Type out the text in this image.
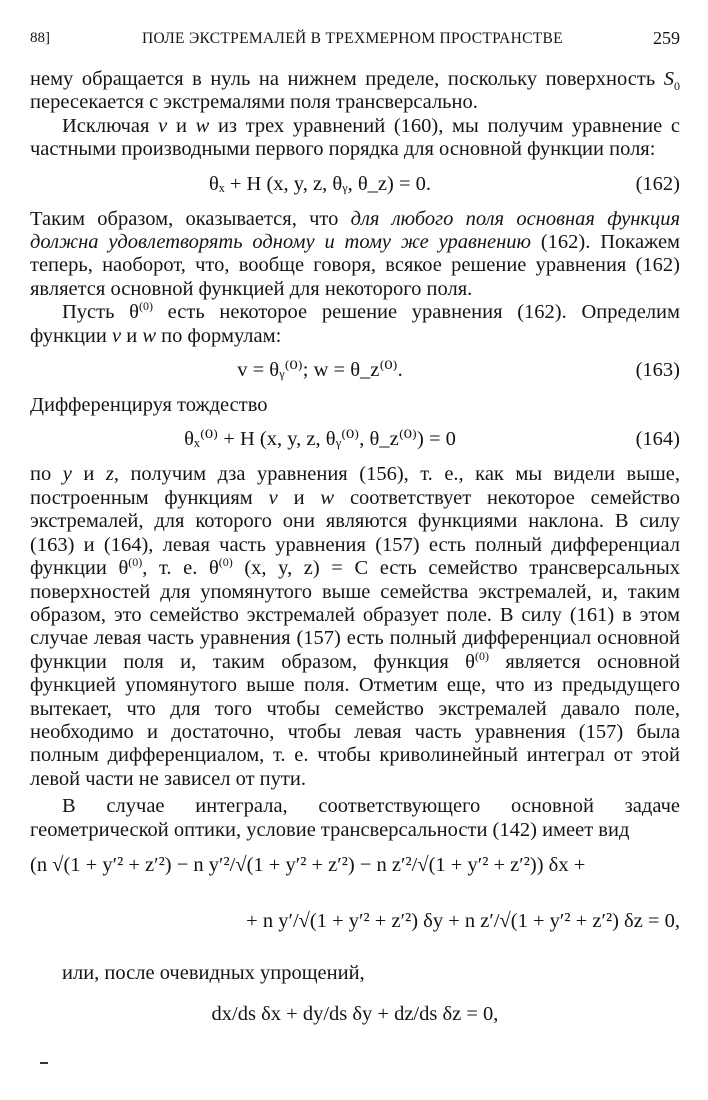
88]	ПОЛЕ ЭКСТРЕМАЛЕЙ В ТРЕХМЕРНОМ ПРОСТРАНСТВЕ	259

нему обращается в нуль на нижнем пределе, поскольку поверхность $S_0$ пересекается с экстремалями поля трансверсально.

Исключая v и w из трех уравнений (160), мы получим уравнение с частными производными первого порядка для основной функции поля:

θₓ + H (x, y, z, θᵧ, θ_z) = 0.	(162)

Таким образом, оказывается, что для любого поля основная функция должна удовлетворять одному и тому же уравнению (162). Покажем теперь, наоборот, что, вообще говоря, всякое решение уравнения (162) является основной функцией для некоторого поля.

Пусть $\theta^{(0)}$ есть некоторое решение уравнения (162). Определим функции v и w по формулам:

v = θᵧ⁽⁰⁾; w = θ_z⁽⁰⁾.	(163)

Дифференцируя тождество

θₓ⁽⁰⁾ + H (x, y, z, θᵧ⁽⁰⁾, θ_z⁽⁰⁾) = 0	(164)

по y и z, получим дза уравнения (156), т. е., как мы видели выше, построенным функциям v и w соответствует некоторое семейство экстремалей, для которого они являются функциями наклона. В силу (163) и (164), левая часть уравнения (157) есть полный дифференциал функции $\theta^{(0)}$, т. е. $\theta^{(0)}$ (x, y, z) = C есть семейство трансверсальных поверхностей для упомянутого выше семейства экстремалей, и, таким образом, это семейство экстремалей образует поле. В силу (161) в этом случае левая часть уравнения (157) есть полный дифференциал основной функции поля и, таким образом, функция $\theta^{(0)}$ является основной функцией упомянутого выше поля. Отметим еще, что из предыдущего вытекает, что для того чтобы семейство экстремалей давало поле, необходимо и достаточно, чтобы левая часть уравнения (157) была полным дифференциалом, т. е. чтобы криволинейный интеграл от этой левой части не зависел от пути.

В случае интеграла, соответствующего основной задаче геометрической оптики, условие трансверсальности (142) имеет вид

(n √(1 + y′² + z′²) − n y′²/√(1 + y′² + z′²) − n z′²/√(1 + y′² + z′²)) δx +
+ n y′/√(1 + y′² + z′²) δy + n z′/√(1 + y′² + z′²) δz = 0,

или, после очевидных упрощений,

dx/ds δx + dy/ds δy + dz/ds δz = 0,
